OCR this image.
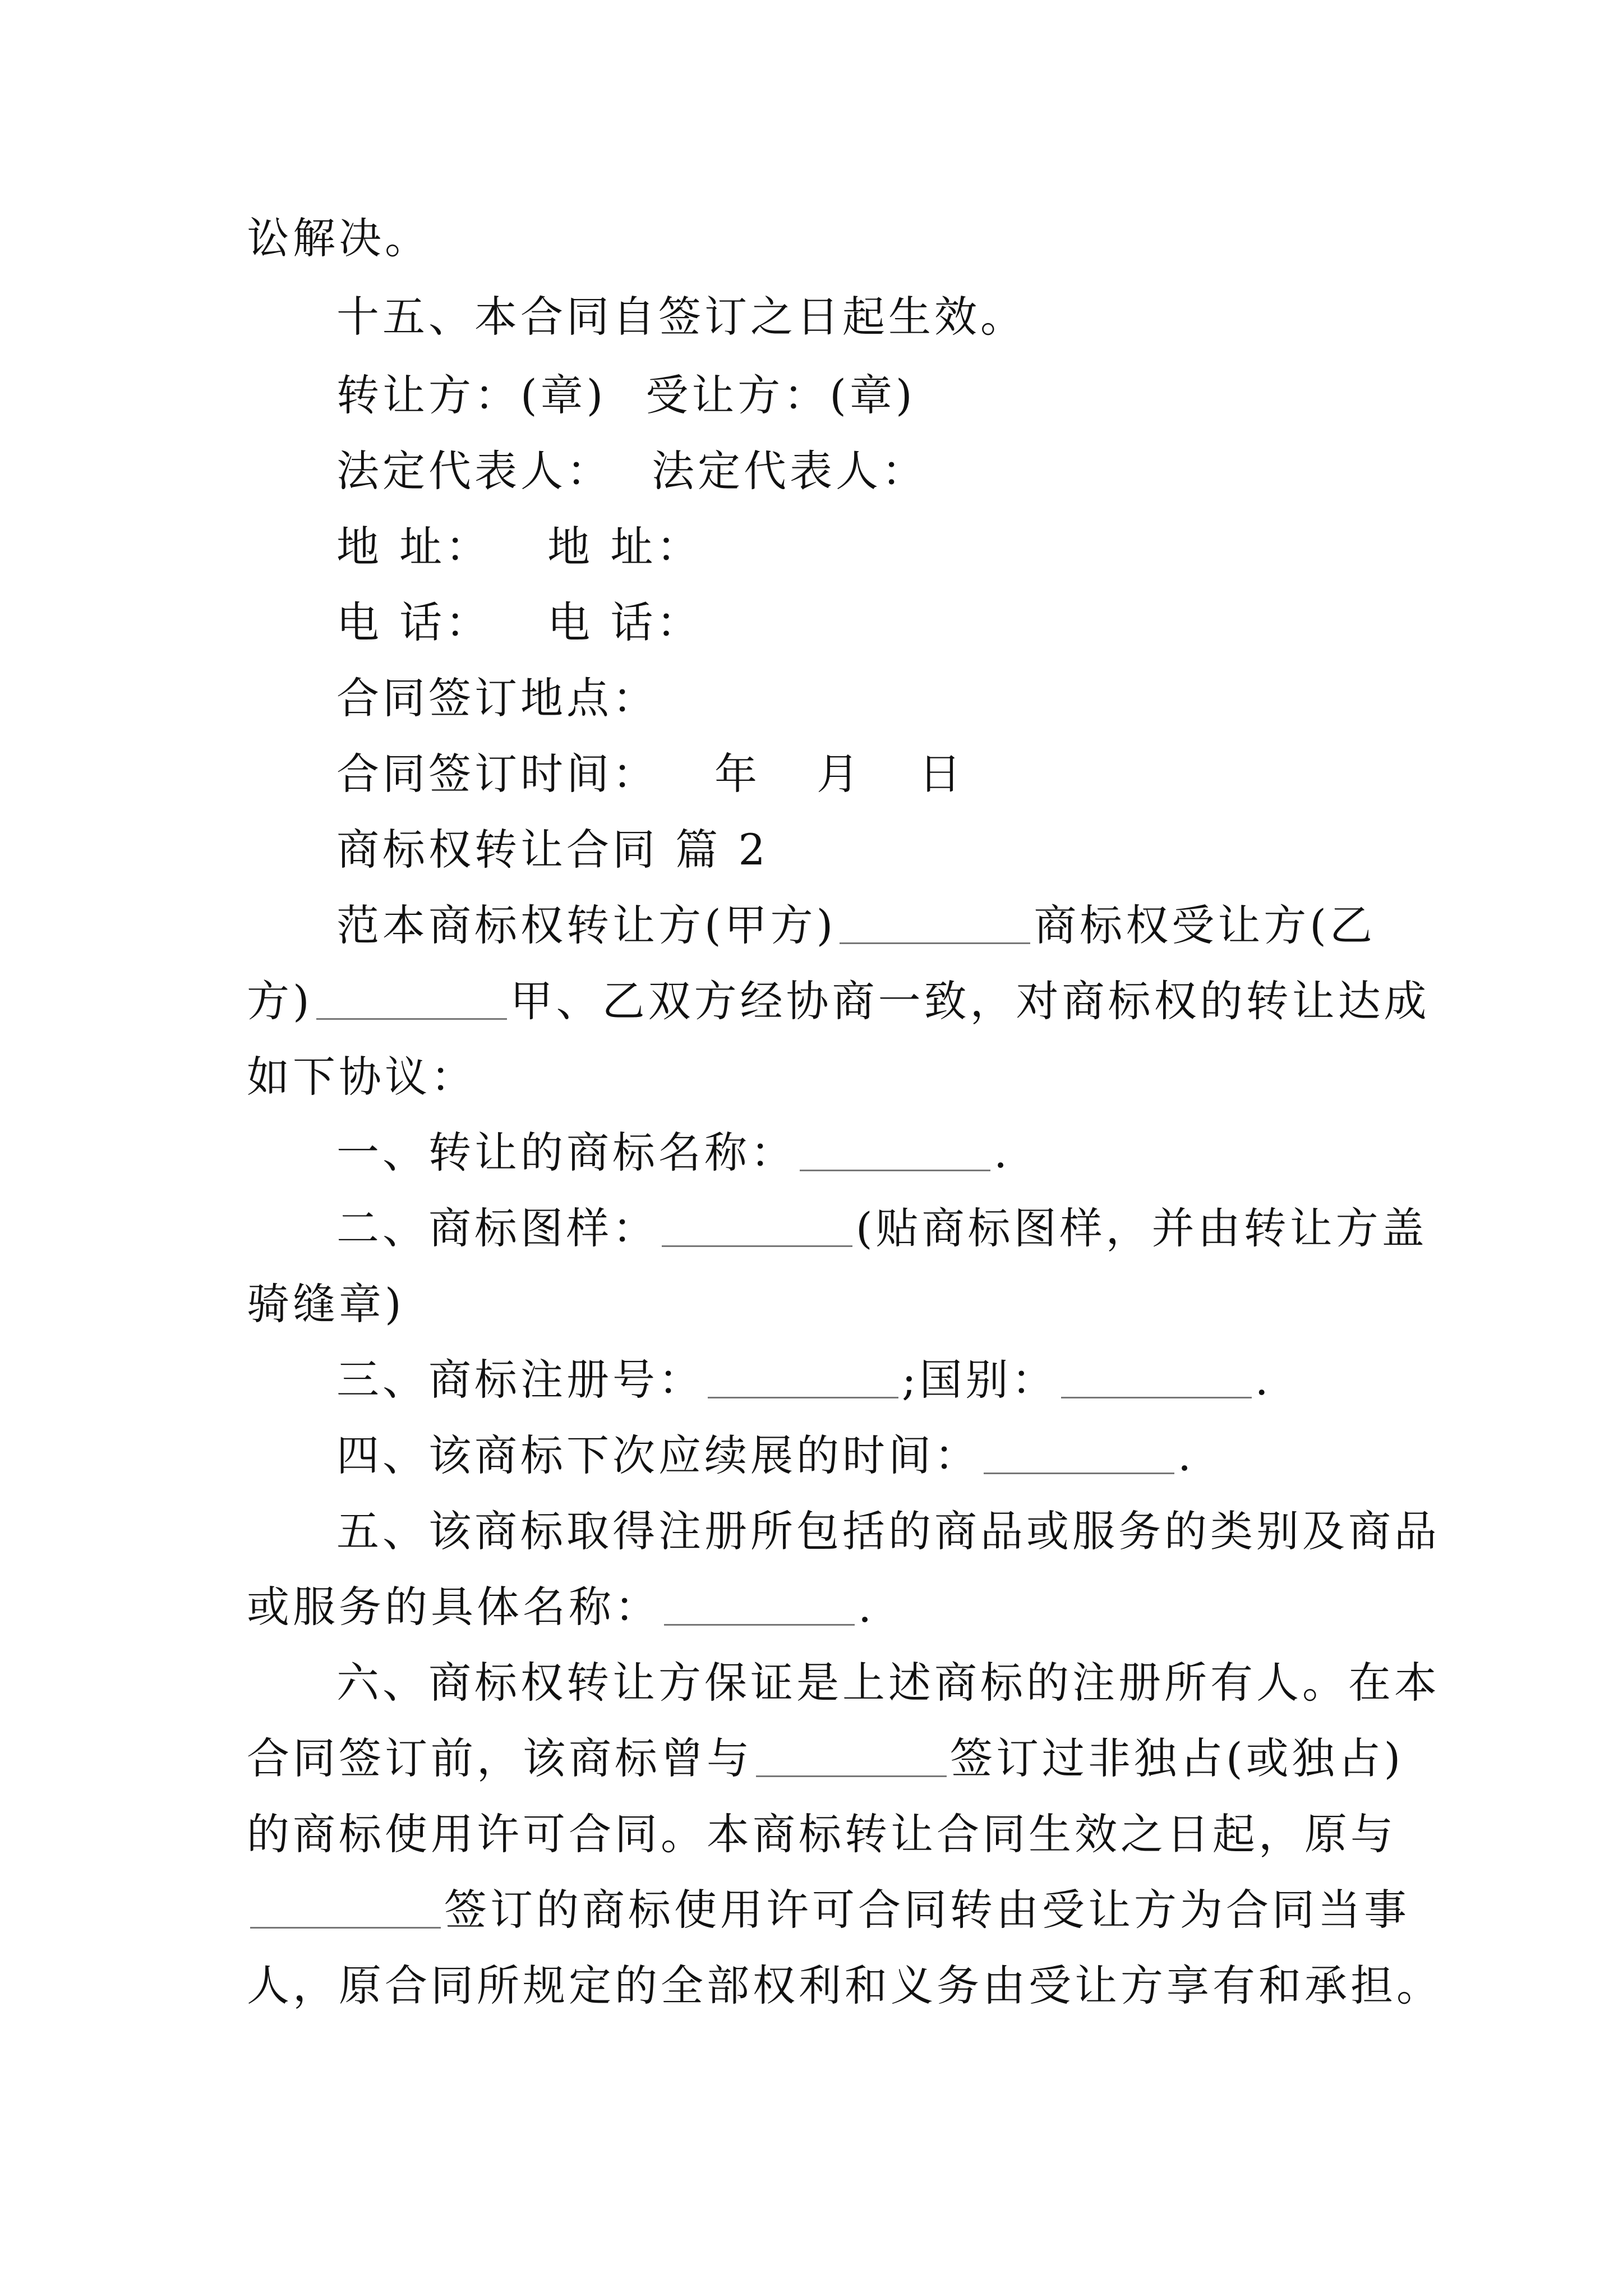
讼解决。
十五、本合同自签订之日起生效。
转让方：(章) 受让方：(章)
法定代表人： 法定代表人：
地 址： 地 址：
电 话： 电 话：
合同签订地点：
合同签订时间： 年 月 日
商标权转让合同 篇 2
范本商标权转让方(甲方)	商标权受让方(乙
方)	甲、乙双方经协商一致，对商标权的转让达成
如下协议：
一、转让的商标名称：	.
二、商标图样：	(贴商标图样，并由转让方盖
骑缝章)
三、商标注册号：	;国别：	.
四、该商标下次应续展的时间：	.
五、该商标取得注册所包括的商品或服务的类别及商品
或服务的具体名称：	.
六、商标权转让方保证是上述商标的注册所有人。在本
合同签订前，该商标曾与	签订过非独占(或独占)
的商标使用许可合同。本商标转让合同生效之日起，原与
签订的商标使用许可合同转由受让方为合同当事
人，原合同所规定的全部权利和义务由受让方享有和承担。
